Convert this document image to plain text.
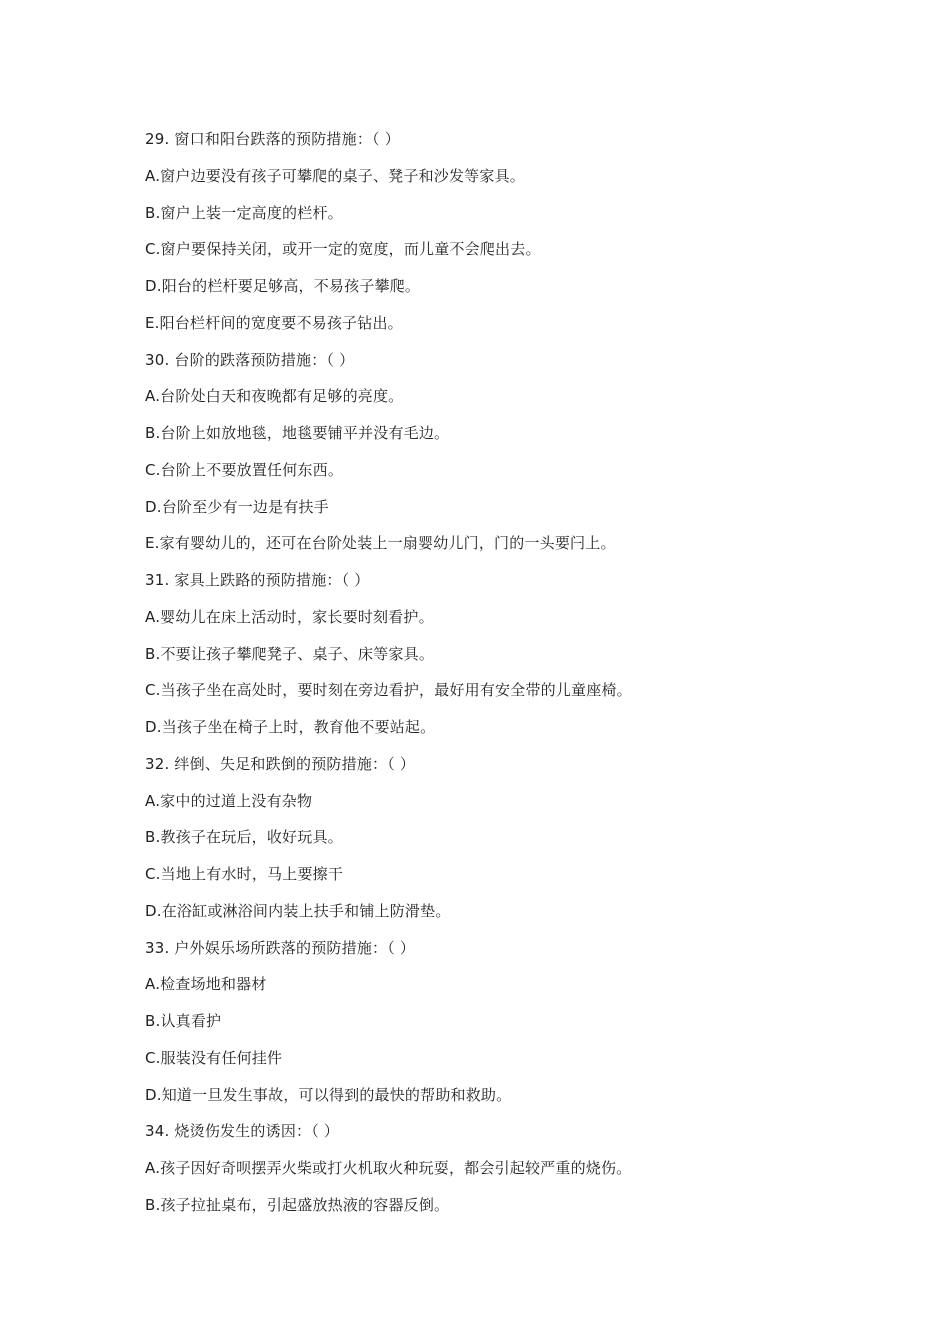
29. 窗口和阳台跌落的预防措施：（ ）
A.窗户边要没有孩子可攀爬的桌子、凳子和沙发等家具。
B.窗户上装一定高度的栏杆。
C.窗户要保持关闭，或开一定的宽度，而儿童不会爬出去。
D.阳台的栏杆要足够高，不易孩子攀爬。
E.阳台栏杆间的宽度要不易孩子钻出。
30. 台阶的跌落预防措施：（ ）
A.台阶处白天和夜晚都有足够的亮度。
B.台阶上如放地毯，地毯要铺平并没有毛边。
C.台阶上不要放置任何东西。
D.台阶至少有一边是有扶手
E.家有婴幼儿的，还可在台阶处装上一扇婴幼儿门，门的一头要闩上。
31. 家具上跌路的预防措施：（ ）
A.婴幼儿在床上活动时，家长要时刻看护。
B.不要让孩子攀爬凳子、桌子、床等家具。
C.当孩子坐在高处时，要时刻在旁边看护，最好用有安全带的儿童座椅。
D.当孩子坐在椅子上时，教育他不要站起。
32. 绊倒、失足和跌倒的预防措施：（ ）
A.家中的过道上没有杂物
B.教孩子在玩后，收好玩具。
C.当地上有水时，马上要擦干
D.在浴缸或淋浴间内装上扶手和铺上防滑垫。
33. 户外娱乐场所跌落的预防措施：（ ）
A.检查场地和器材
B.认真看护
C.服装没有任何挂件
D.知道一旦发生事故，可以得到的最快的帮助和救助。
34. 烧烫伤发生的诱因：（ ）
A.孩子因好奇呗摆弄火柴或打火机取火种玩耍，都会引起较严重的烧伤。
B.孩子拉扯桌布，引起盛放热液的容器反倒。
